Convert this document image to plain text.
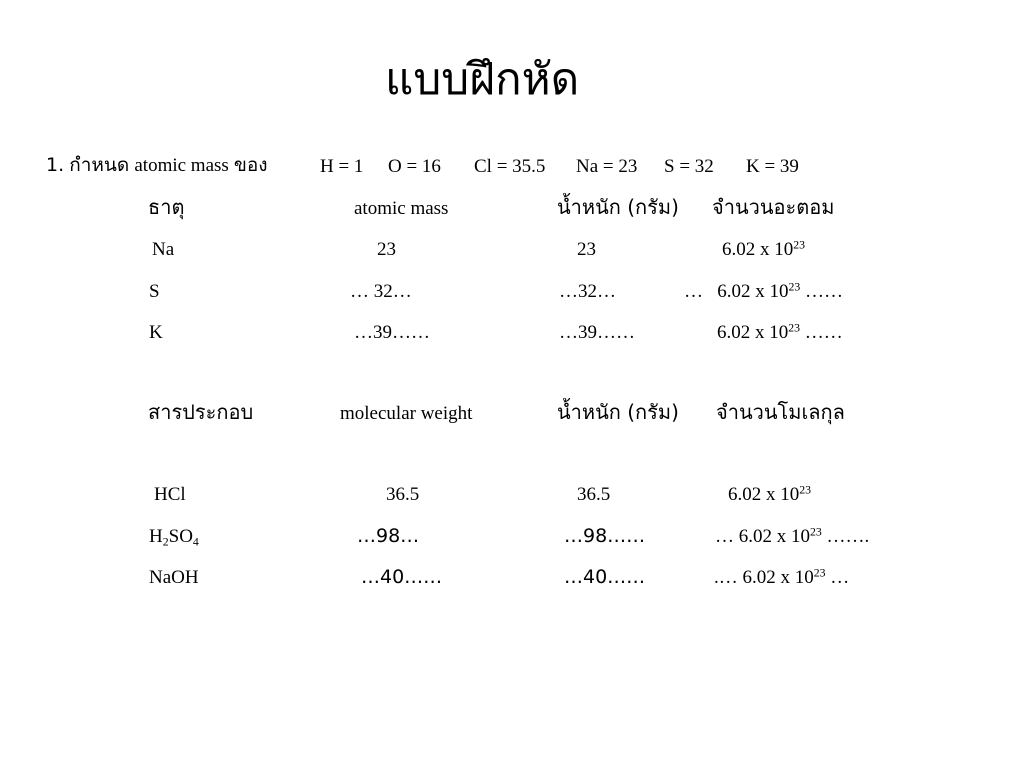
แบบฝึกหัด
1. กำหนด atomic mass ของ	H = 1 O = 16 Cl = 35.5 Na = 23 S = 32 K = 39
ธาตุ	atomic mass	น้ำหนัก (กรัม) จำนวนอะตอม
Na	23	23	6.02 x $10^{23}$
S	… 32…	…32…	… 6.02 x $10^{23}$ ……
K	…39……	…39……	6.02 x $10^{23}$ ……
สารประกอบ	molecular weight	น้ำหนัก (กรัม) จำนวนโมเลกุล
HCl	36.5	36.5	6.02 x $10^{23}$
$H_2SO_4$	…98…	…98……	… 6.02 x $10^{23}$ …….
NaOH	…40……	…40……	.… 6.02 x $10^{23}$ …
